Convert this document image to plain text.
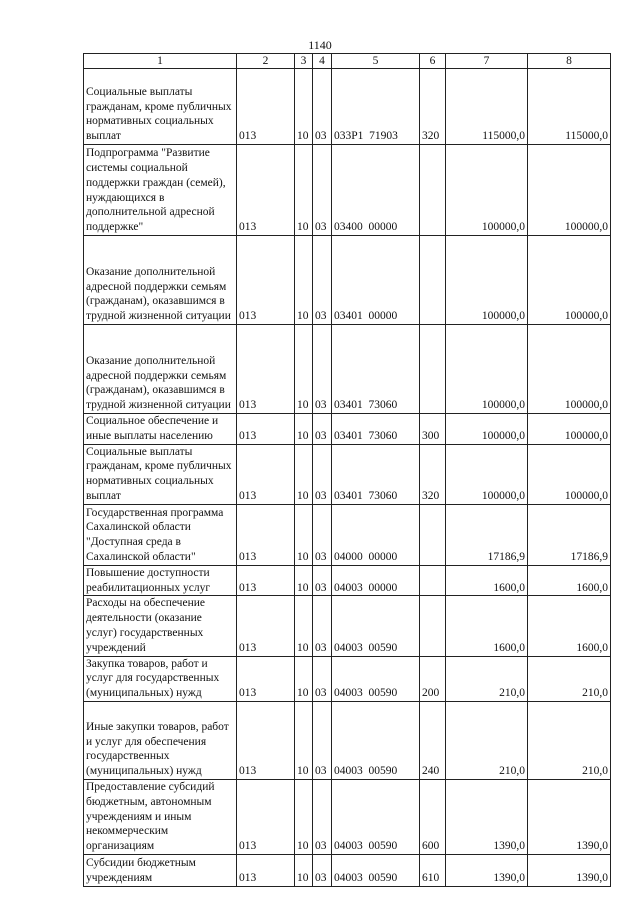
1140
1	2	3	4	5	6	7	8
Социальные выплаты гражданам, кроме публичных нормативных социальных выплат	013	10	03	033Р1  71903	320	115000,0	115000,0
Подпрограмма "Развитие системы социальной поддержки граждан (семей), нуждающихся в дополнительной адресной поддержке"	013	10	03	03400  00000		100000,0	100000,0
Оказание дополнительной адресной поддержки семьям (гражданам), оказавшимся в трудной жизненной ситуации	013	10	03	03401  00000		100000,0	100000,0
Оказание дополнительной адресной поддержки семьям (гражданам), оказавшимся в трудной жизненной ситуации	013	10	03	03401  73060		100000,0	100000,0
Социальное обеспечение и иные выплаты населению	013	10	03	03401  73060	300	100000,0	100000,0
Социальные выплаты гражданам, кроме публичных нормативных социальных выплат	013	10	03	03401  73060	320	100000,0	100000,0
Государственная программа Сахалинской области "Доступная среда в Сахалинской области"	013	10	03	04000  00000		17186,9	17186,9
Повышение доступности реабилитационных услуг	013	10	03	04003  00000		1600,0	1600,0
Расходы на обеспечение деятельности (оказание услуг) государственных учреждений	013	10	03	04003  00590		1600,0	1600,0
Закупка товаров, работ и услуг для государственных (муниципальных) нужд	013	10	03	04003  00590	200	210,0	210,0
Иные закупки товаров, работ и услуг для обеспечения государственных (муниципальных) нужд	013	10	03	04003  00590	240	210,0	210,0
Предоставление субсидий бюджетным, автономным учреждениям и иным некоммерческим организациям	013	10	03	04003  00590	600	1390,0	1390,0
Субсидии бюджетным учреждениям	013	10	03	04003  00590	610	1390,0	1390,0
